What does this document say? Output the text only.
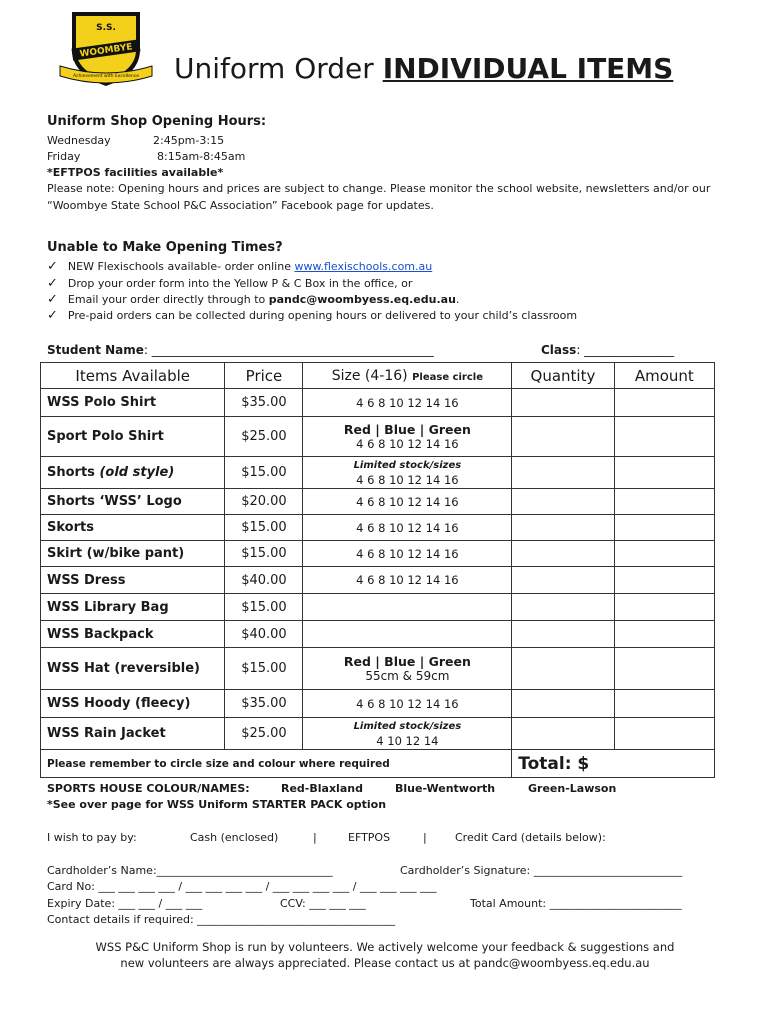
S.S.
WOOMBYE
Achievement with Excellence Uniform Order INDIVIDUAL ITEMS
Uniform Shop Opening Hours:
Wednesday	2:45pm-3:15
Friday	8:15am-8:45am
*EFTPOS facilities available*
Please note: Opening hours and prices are subject to change. Please monitor the school website, newsletters and/or our
“Woombye State School P&C Association” Facebook page for updates.
Unable to Make Opening Times?
✓ NEW Flexischools available- order online www.flexischools.com.au
✓ Drop your order form into the Yellow P & C Box in the office, or
✓ Email your order directly through to pandc@woombyess.eq.edu.au.
✓ Pre-paid orders can be collected during opening hours or delivered to your child’s classroom
Student Name: _______________________________________________	Class: _______________
Items Available	Price	Size (4-16) Please circle	Quantity	Amount
WSS Polo Shirt	$35.00	4 6 8 10 12 14 16		
Sport Polo Shirt	$25.00	Red | Blue | Green
4 6 8 10 12 14 16		

Shorts (old style)	$15.00	Limited stock/sizes
4 6 8 10 12 14 16		

Shorts ‘WSS’ Logo	$20.00	4 6 8 10 12 14 16		
Skorts	$15.00	4 6 8 10 12 14 16		
Skirt (w/bike pant)	$15.00	4 6 8 10 12 14 16		
WSS Dress	$40.00	4 6 8 10 12 14 16		
WSS Library Bag	$15.00			
WSS Backpack	$40.00			
WSS Hat (reversible)	$15.00	Red | Blue | Green
55cm & 59cm		

WSS Hoody (fleecy)	$35.00	4 6 8 10 12 14 16		
WSS Rain Jacket	$25.00	Limited stock/sizes
4 10 12 14		

Please remember to circle size and colour where required			Total: $	
SPORTS HOUSE COLOUR/NAMES:	Red-Blaxland	Blue-Wentworth	Green-Lawson
*See over page for WSS Uniform STARTER PACK option
I wish to pay by:	Cash (enclosed)	|	EFTPOS	|	Credit Card (details below):
Cardholder’s Name:________________________________	Cardholder’s Signature: ___________________________
Card No: ___ ___ ___ ___ / ___ ___ ___ ___ / ___ ___ ___ ___ / ___ ___ ___ ___
Expiry Date: ___ ___ / ___ ___	CCV: ___ ___ ___	Total Amount: ________________________
Contact details if required: ____________________________________
WSS P&C Uniform Shop is run by volunteers. We actively welcome your feedback & suggestions and
new volunteers are always appreciated. Please contact us at pandc@woombyess.eq.edu.au
